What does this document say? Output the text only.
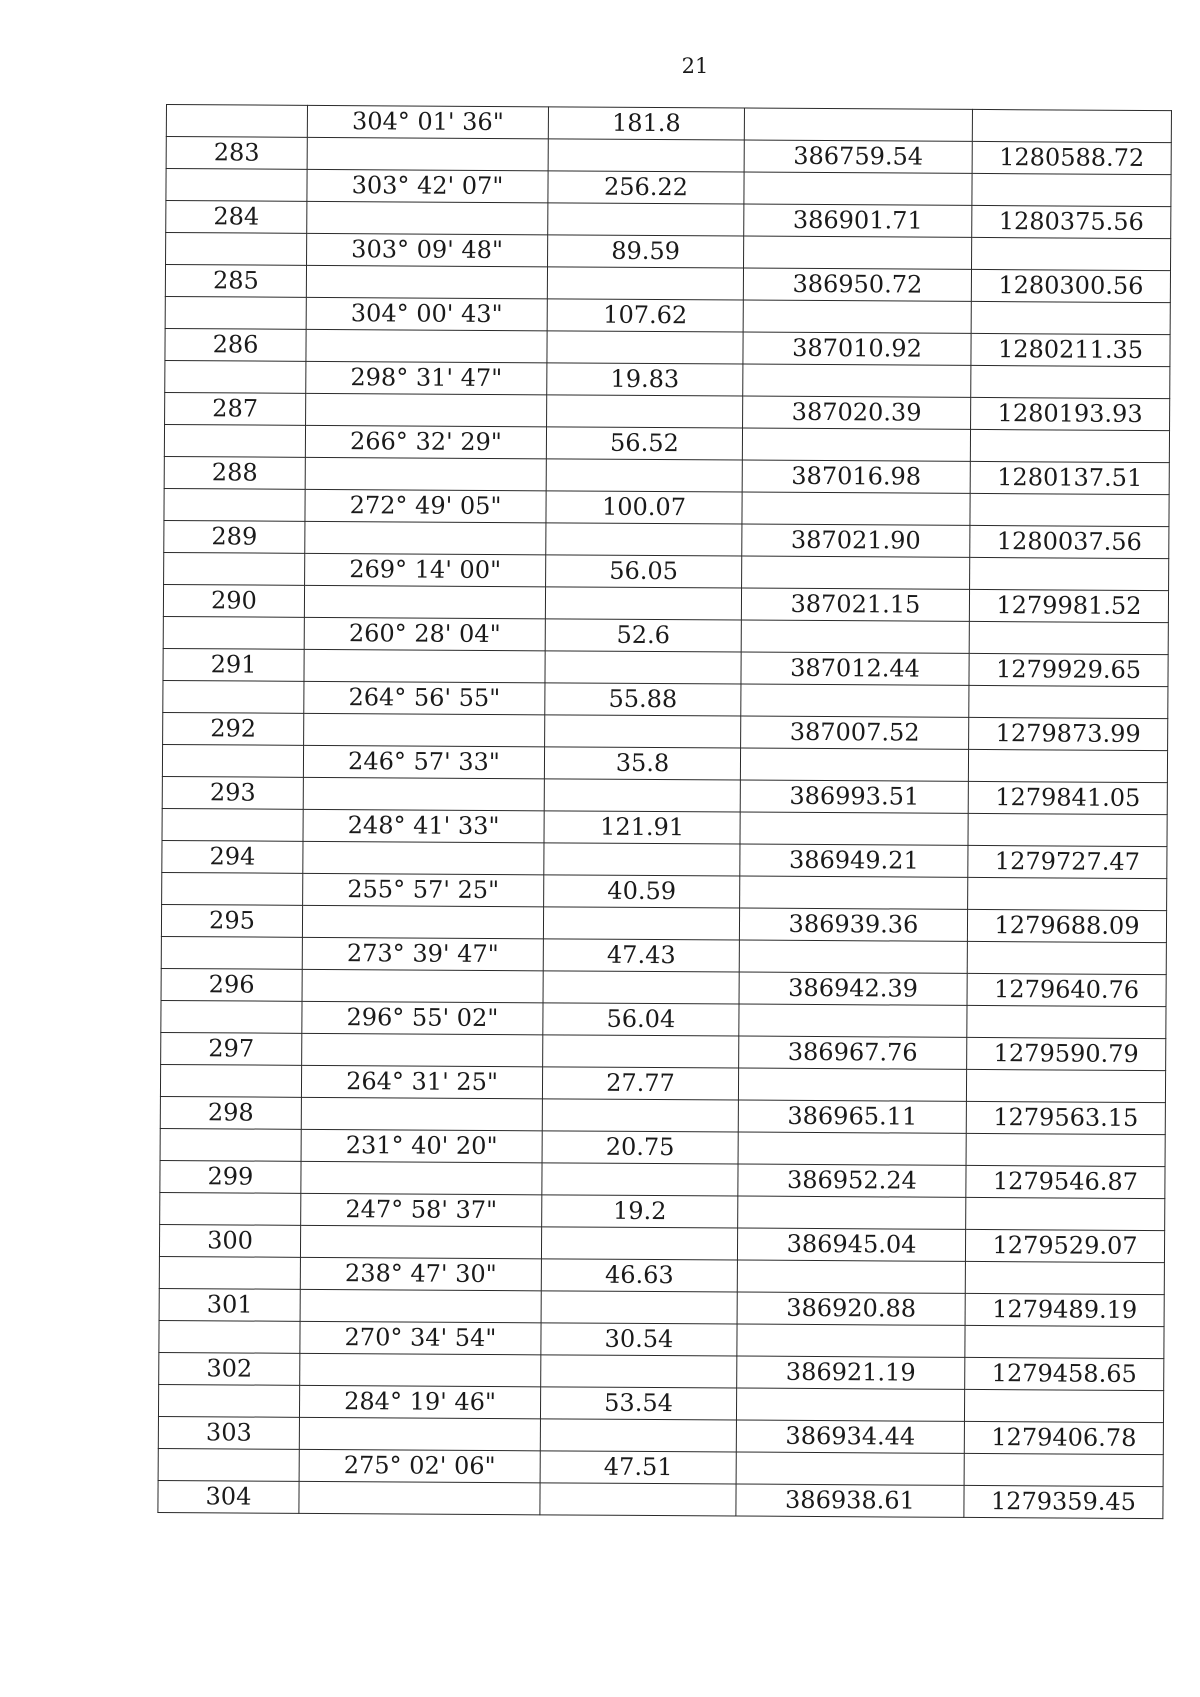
21
	304° 01' 36"	181.8		
283			386759.54	1280588.72
	303° 42' 07"	256.22		
284			386901.71	1280375.56
	303° 09' 48"	89.59		
285			386950.72	1280300.56
	304° 00' 43"	107.62		
286			387010.92	1280211.35
	298° 31' 47"	19.83		
287			387020.39	1280193.93
	266° 32' 29"	56.52		
288			387016.98	1280137.51
	272° 49' 05"	100.07		
289			387021.90	1280037.56
	269° 14' 00"	56.05		
290			387021.15	1279981.52
	260° 28' 04"	52.6		
291			387012.44	1279929.65
	264° 56' 55"	55.88		
292			387007.52	1279873.99
	246° 57' 33"	35.8		
293			386993.51	1279841.05
	248° 41' 33"	121.91		
294			386949.21	1279727.47
	255° 57' 25"	40.59		
295			386939.36	1279688.09
	273° 39' 47"	47.43		
296			386942.39	1279640.76
	296° 55' 02"	56.04		
297			386967.76	1279590.79
	264° 31' 25"	27.77		
298			386965.11	1279563.15
	231° 40' 20"	20.75		
299			386952.24	1279546.87
	247° 58' 37"	19.2		
300			386945.04	1279529.07
	238° 47' 30"	46.63		
301			386920.88	1279489.19
	270° 34' 54"	30.54		
302			386921.19	1279458.65
	284° 19' 46"	53.54		
303			386934.44	1279406.78
	275° 02' 06"	47.51		
304			386938.61	1279359.45
